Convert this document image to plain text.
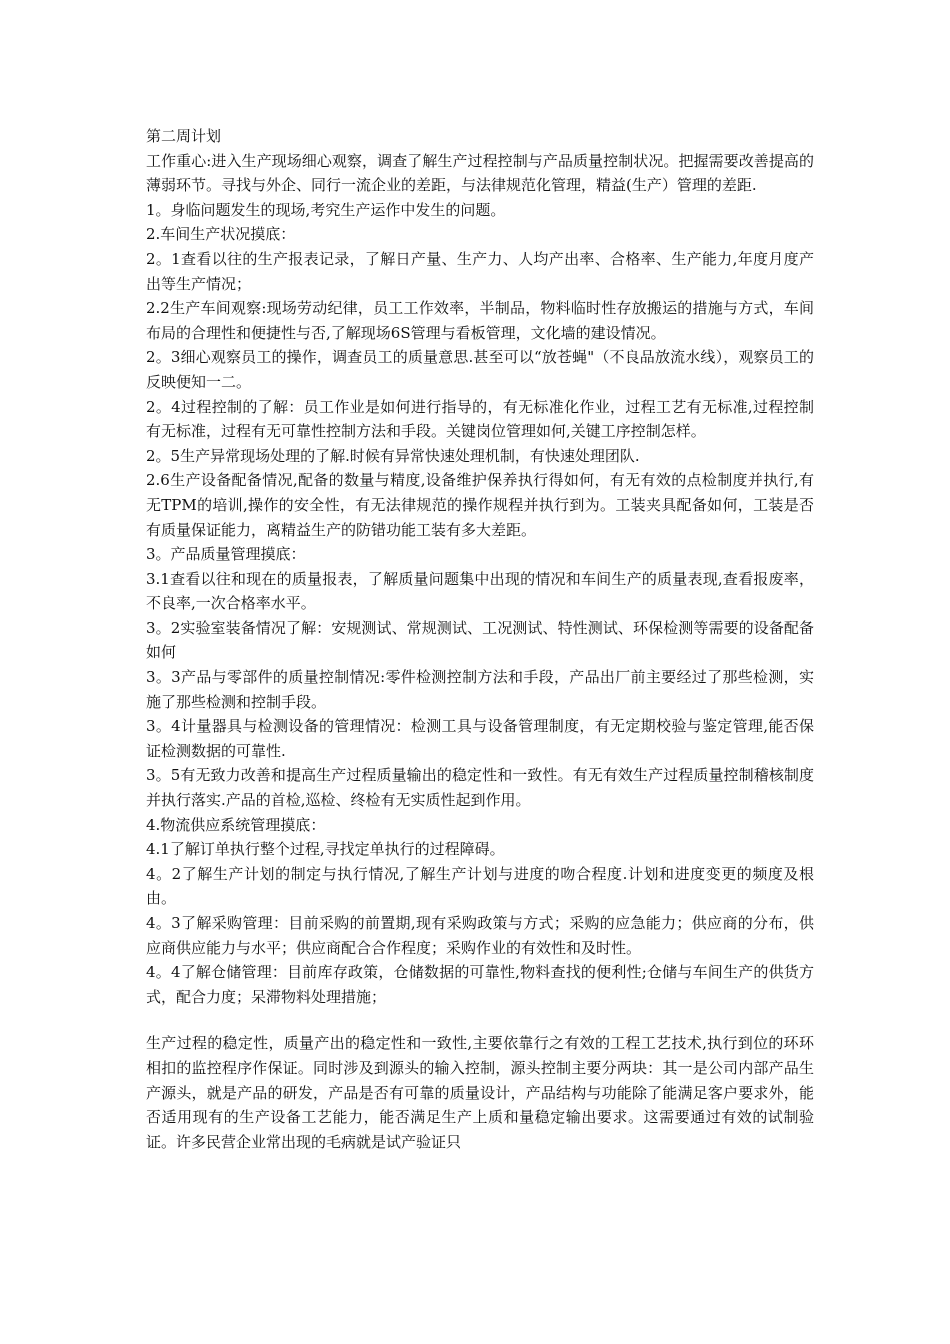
第二周计划

工作重心:进入生产现场细心观察，调查了解生产过程控制与产品质量控制状况。把握需要改善提高的薄弱环节。寻找与外企、同行一流企业的差距，与法律规范化管理，精益(生产）管理的差距.

1。身临问题发生的现场,考究生产运作中发生的问题。

2.车间生产状况摸底：

2。1查看以往的生产报表记录，了解日产量、生产力、人均产出率、合格率、生产能力,年度月度产出等生产情况；

2.2生产车间观察:现场劳动纪律，员工工作效率，半制品，物料临时性存放搬运的措施与方式，车间布局的合理性和便捷性与否,了解现场6S管理与看板管理，文化墙的建设情况。

2。3细心观察员工的操作，调查员工的质量意思.甚至可以“放苍蝇"（不良品放流水线），观察员工的反映便知一二。

2。4过程控制的了解：员工作业是如何进行指导的，有无标准化作业，过程工艺有无标准,过程控制有无标准，过程有无可靠性控制方法和手段。关键岗位管理如何,关键工序控制怎样。

2。5生产异常现场处理的了解.时候有异常快速处理机制，有快速处理团队.

2.6生产设备配备情况,配备的数量与精度,设备维护保养执行得如何，有无有效的点检制度并执行,有无TPM的培训,操作的安全性，有无法律规范的操作规程并执行到为。工装夹具配备如何，工装是否有质量保证能力，离精益生产的防错功能工装有多大差距。

3。产品质量管理摸底：

3.1查看以往和现在的质量报表，了解质量问题集中出现的情况和车间生产的质量表现,查看报废率，不良率,一次合格率水平。

3。2实验室装备情况了解：安规测试、常规测试、工况测试、特性测试、环保检测等需要的设备配备如何

3。3产品与零部件的质量控制情况:零件检测控制方法和手段，产品出厂前主要经过了那些检测，实施了那些检测和控制手段。

3。4计量器具与检测设备的管理情况：检测工具与设备管理制度，有无定期校验与鉴定管理,能否保证检测数据的可靠性.

3。5有无致力改善和提高生产过程质量输出的稳定性和一致性。有无有效生产过程质量控制稽核制度并执行落实.产品的首检,巡检、终检有无实质性起到作用。

4.物流供应系统管理摸底：

4.1了解订单执行整个过程,寻找定单执行的过程障碍。

4。2了解生产计划的制定与执行情况,了解生产计划与进度的吻合程度.计划和进度变更的频度及根由。

4。3了解采购管理：目前采购的前置期,现有采购政策与方式；采购的应急能力；供应商的分布，供应商供应能力与水平；供应商配合合作程度；采购作业的有效性和及时性。

4。4了解仓储管理：目前库存政策，仓储数据的可靠性,物料查找的便利性;仓储与车间生产的供货方式，配合力度；呆滞物料处理措施；

生产过程的稳定性，质量产出的稳定性和一致性,主要依靠行之有效的工程工艺技术,执行到位的环环相扣的监控程序作保证。同时涉及到源头的输入控制，源头控制主要分两块：其一是公司内部产品生产源头，就是产品的研发，产品是否有可靠的质量设计，产品结构与功能除了能满足客户要求外，能否适用现有的生产设备工艺能力，能否满足生产上质和量稳定输出要求。这需要通过有效的试制验证。许多民营企业常出现的毛病就是试产验证只
